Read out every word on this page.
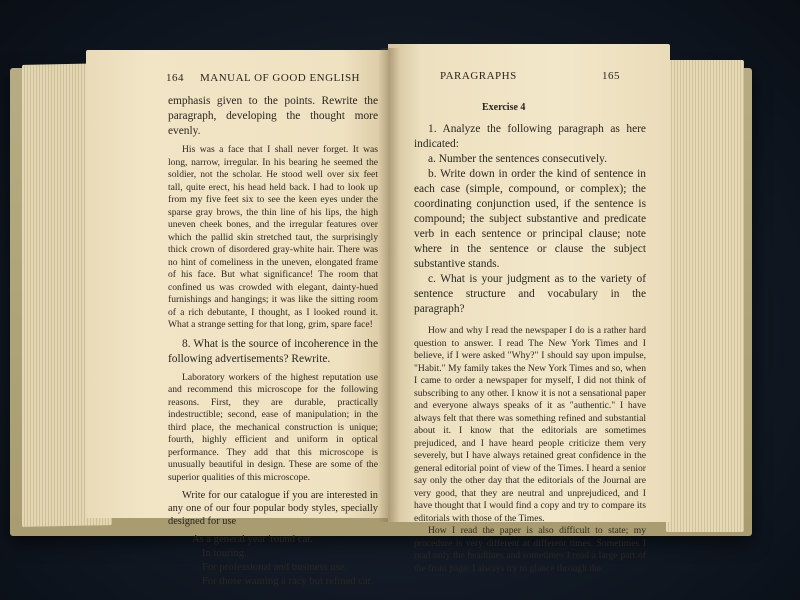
164 MANUAL OF GOOD ENGLISH

emphasis given to the points. Rewrite the paragraph, developing the thought more evenly.

His was a face that I shall never forget. It was long, narrow, irregular. In his bearing he seemed the soldier, not the scholar. He stood well over six feet tall, quite erect, his head held back. I had to look up from my five feet six to see the keen eyes under the sparse gray brows, the thin line of his lips, the high uneven cheek bones, and the irregular features over which the pallid skin stretched taut, the surprisingly thick crown of disordered gray-white hair. There was no hint of comeliness in the uneven, elongated frame of his face. But what significance! The room that confined us was crowded with elegant, dainty-hued furnishings and hangings; it was like the sitting room of a rich debutante, I thought, as I looked round it. What a strange setting for that long, grim, spare face!

8. What is the source of incoherence in the following advertisements? Rewrite.

Laboratory workers of the highest reputation use and recommend this microscope for the following reasons. First, they are durable, practically indestructible; second, ease of manipulation; in the third place, the mechanical construction is unique; fourth, highly efficient and uniform in optical performance. They add that this microscope is unusually beautiful in design. These are some of the superior qualities of this microscope.

Write for our catalogue if you are interested in any one of our four popular body styles, specially designed for use

As a general year 'round car.

In touring.

For professional and business use.

For those wanting a racy but refined car.

PARAGRAPHS	165
Exercise 4

1. Analyze the following paragraph as here indicated:

a. Number the sentences consecutively.

b. Write down in order the kind of sentence in each case (simple, compound, or complex); the coordinating conjunction used, if the sentence is compound; the subject substantive and predicate verb in each sentence or principal clause; note where in the sentence or clause the subject substantive stands.

c. What is your judgment as to the variety of sentence structure and vocabulary in the paragraph?

How and why I read the newspaper I do is a rather hard question to answer. I read The New York Times and I believe, if I were asked "Why?" I should say upon impulse, "Habit." My family takes the New York Times and so, when I came to order a newspaper for myself, I did not think of subscribing to any other. I know it is not a sensational paper and everyone always speaks of it as "authentic." I have always felt that there was something refined and substantial about it. I know that the editorials are sometimes prejudiced, and I have heard people criticize them very severely, but I have always retained great confidence in the general editorial point of view of the Times. I heard a senior say only the other day that the editorials of the Journal are very good, that they are neutral and unprejudiced, and I have thought that I would find a copy and try to compare its editorials with those of the Times.

How I read the paper is also difficult to state; my procedure is very different at different times. Sometimes I read only the headlines and sometimes I read a large part of the front page. I always try to glance through the
